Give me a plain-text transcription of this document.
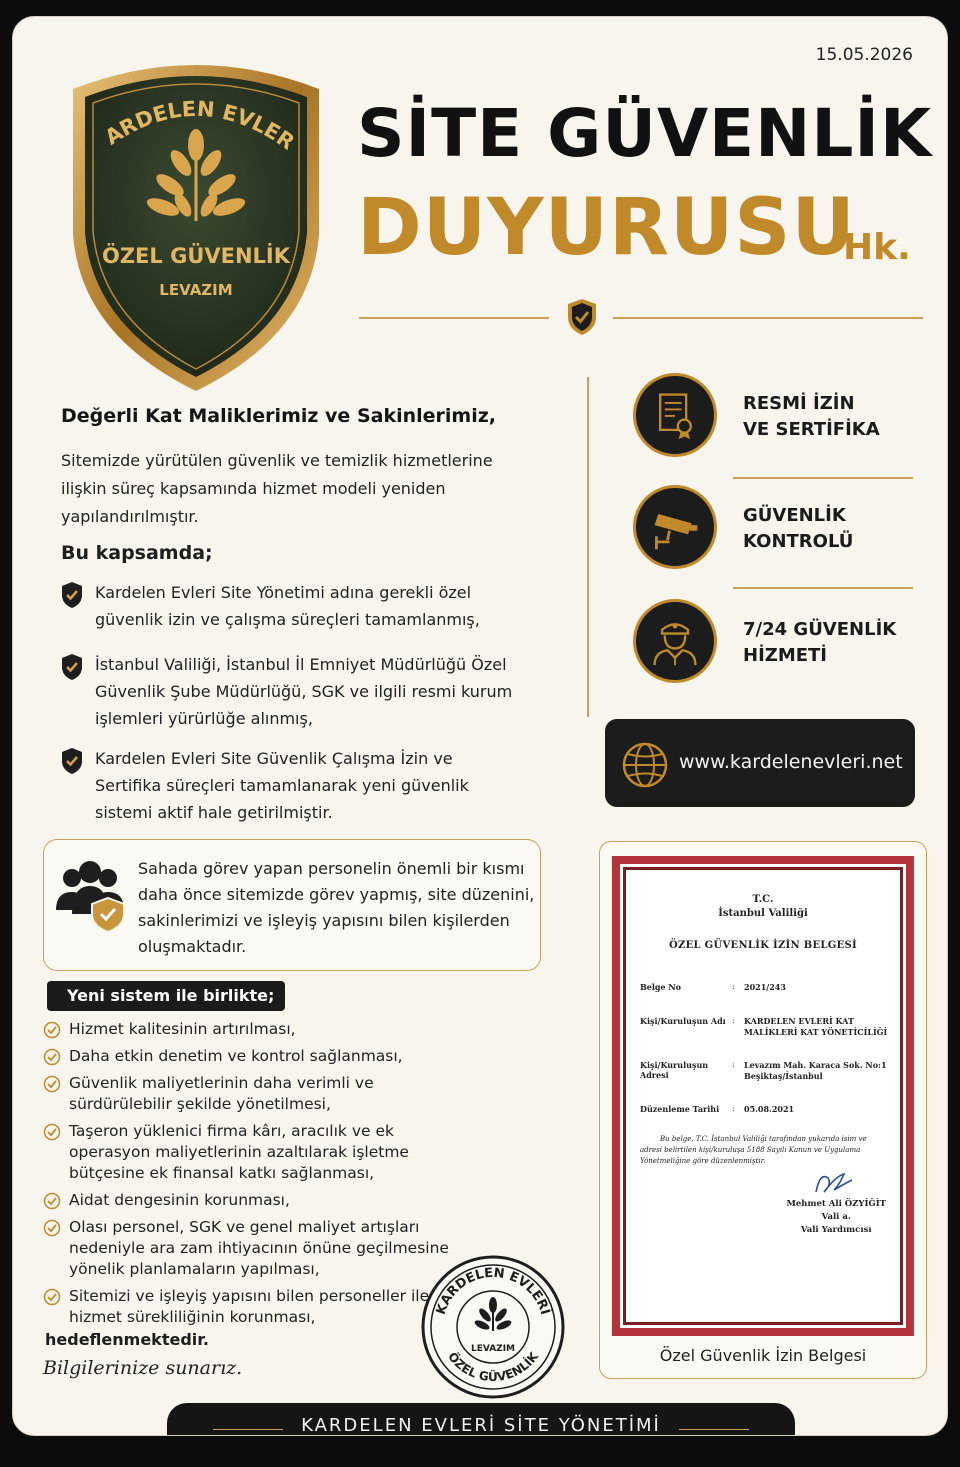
15.05.2026
ARDELEN EVLER
ÖZEL GÜVENLİK
LEVAZIM
SİTE GÜVENLİK
DUYURUSU
Hk.
Değerli Kat Maliklerimiz ve Sakinlerimiz,
Sitemizde yürütülen güvenlik ve temizlik hizmetlerine ilişkin süreç kapsamında hizmet modeli yeniden yapılandırılmıştır.
Bu kapsamda;
Kardelen Evleri Site Yönetimi adına gerekli özel güvenlik izin ve çalışma süreçleri tamamlanmış,
İstanbul Valiliği, İstanbul İl Emniyet Müdürlüğü Özel Güvenlik Şube Müdürlüğü, SGK ve ilgili resmi kurum işlemleri yürürlüğe alınmış,
Kardelen Evleri Site Güvenlik Çalışma İzin ve Sertifika süreçleri tamamlanarak yeni güvenlik sistemi aktif hale getirilmiştir.
Sahada görev yapan personelin önemli bir kısmı daha önce sitemizde görev yapmış, site düzenini, sakinlerimizi ve işleyiş yapısını bilen kişilerden oluşmaktadır.
Yeni sistem ile birlikte;
Hizmet kalitesinin artırılması,
Daha etkin denetim ve kontrol sağlanması,
Güvenlik maliyetlerinin daha verimli ve sürdürülebilir şekilde yönetilmesi,
Taşeron yüklenici firma kârı, aracılık ve ek operasyon maliyetlerinin azaltılarak işletme bütçesine ek finansal katkı sağlanması,
Aidat dengesinin korunması,
Olası personel, SGK ve genel maliyet artışları nedeniyle ara zam ihtiyacının önüne geçilmesine yönelik planlamaların yapılması,
Sitemizi ve işleyiş yapısını bilen personeller ile hizmet sürekliliğinin korunması,
hedeflenmektedir.
Bilgilerinize sunarız.
KARDELEN EVLERİ
ÖZEL GÜVENLİK
LEVAZIM
RESMİ İZİN
VE SERTİFİKA
GÜVENLİK
KONTROLÜ
7/24 GÜVENLİK
HİZMETİ
www.kardelenevleri.net
T.C.
İstanbul Valiliği
ÖZEL GÜVENLİK İZİN BELGESİ
Belge No	: 2021/243
Kişi/Kuruluşun Adı : KARDELEN EVLERİ KAT MALİKLERİ KAT YÖNETİCİLİĞİ
Kişi/Kuruluşun Adresi
: Levazım Mah. Karaca Sok. No:1 Beşiktaş/İstanbul
Düzenleme Tarihi	: 05.08.2021
Bu belge, T.C. İstanbul Valiliği tarafından yukarıda isim ve adresi belirtilen kişi/kuruluşa 5188 Sayılı Kanun ve Uygulama Yönetmeliğine göre düzenlenmiştir.
Mehmet Ali ÖZYİĞİT
Vali a.
Vali Yardımcısı
Özel Güvenlik İzin Belgesi
KARDELEN EVLERİ SİTE YÖNETİMİ
